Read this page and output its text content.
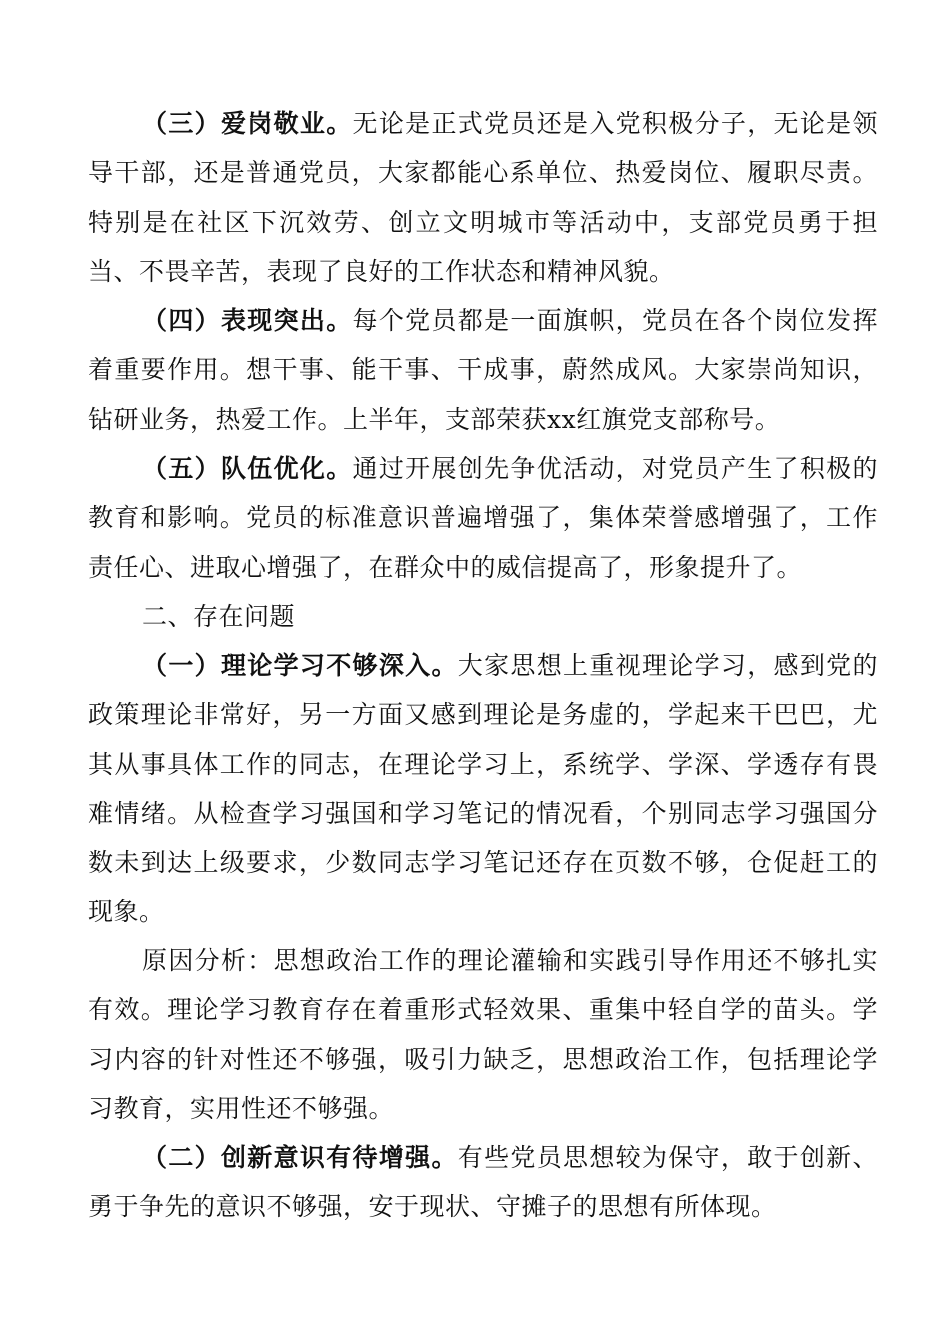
（三）爱岗敬业。无论是正式党员还是入党积极分子，无论是领导干部，还是普通党员，大家都能心系单位、热爱岗位、履职尽责。特别是在社区下沉效劳、创立文明城市等活动中，支部党员勇于担当、不畏辛苦，表现了良好的工作状态和精神风貌。

（四）表现突出。每个党员都是一面旗帜，党员在各个岗位发挥着重要作用。想干事、能干事、干成事，蔚然成风。大家崇尚知识，钻研业务，热爱工作。上半年，支部荣获xx红旗党支部称号。

（五）队伍优化。通过开展创先争优活动，对党员产生了积极的教育和影响。党员的标准意识普遍增强了，集体荣誉感增强了，工作责任心、进取心增强了，在群众中的威信提高了，形象提升了。

二、存在问题

（一）理论学习不够深入。大家思想上重视理论学习，感到党的政策理论非常好，另一方面又感到理论是务虚的，学起来干巴巴，尤其从事具体工作的同志，在理论学习上，系统学、学深、学透存有畏难情绪。从检查学习强国和学习笔记的情况看，个别同志学习强国分数未到达上级要求，少数同志学习笔记还存在页数不够，仓促赶工的现象。

原因分析：思想政治工作的理论灌输和实践引导作用还不够扎实有效。理论学习教育存在着重形式轻效果、重集中轻自学的苗头。学习内容的针对性还不够强，吸引力缺乏，思想政治工作，包括理论学习教育，实用性还不够强。

（二）创新意识有待增强。有些党员思想较为保守，敢于创新、勇于争先的意识不够强，安于现状、守摊子的思想有所体现。
